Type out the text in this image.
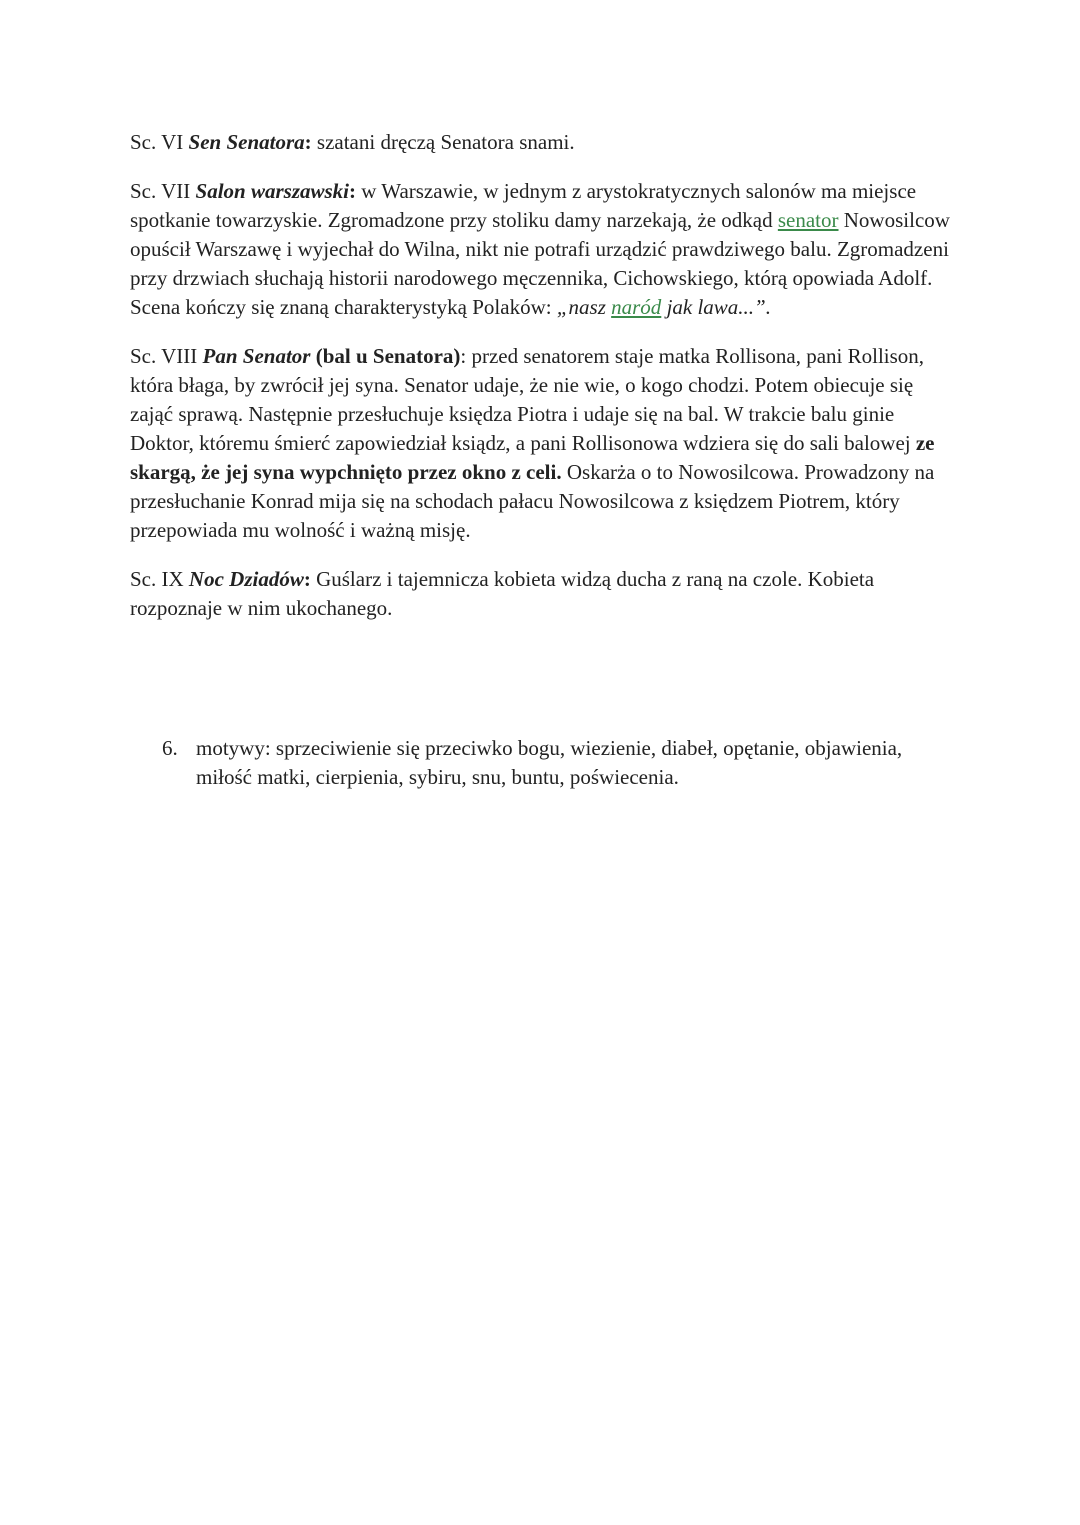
Sc. VI Sen Senatora: szatani dręczą Senatora snami.

Sc. VII Salon warszawski: w Warszawie, w jednym z arystokratycznych salonów ma miejsce spotkanie towarzyskie. Zgromadzone przy stoliku damy narzekają, że odkąd senator Nowosilcow opuścił Warszawę i wyjechał do Wilna, nikt nie potrafi urządzić prawdziwego balu. Zgromadzeni przy drzwiach słuchają historii narodowego męczennika, Cichowskiego, którą opowiada Adolf. Scena kończy się znaną charakterystyką Polaków: „nasz naród jak lawa...”.

Sc. VIII Pan Senator (bal u Senatora): przed senatorem staje matka Rollisona, pani Rollison, która błaga, by zwrócił jej syna. Senator udaje, że nie wie, o kogo chodzi. Potem obiecuje się zająć sprawą. Następnie przesłuchuje księdza Piotra i udaje się na bal. W trakcie balu ginie Doktor, któremu śmierć zapowiedział ksiądz, a pani Rollisonowa wdziera się do sali balowej ze skargą, że jej syna wypchnięto przez okno z celi. Oskarża o to Nowosilcowa. Prowadzony na przesłuchanie Konrad mija się na schodach pałacu Nowosilcowa z księdzem Piotrem, który przepowiada mu wolność i ważną misję.

Sc. IX Noc Dziadów: Guślarz i tajemnicza kobieta widzą ducha z raną na czole. Kobieta rozpoznaje w nim ukochanego.

6. motywy: sprzeciwienie się przeciwko bogu, wiezienie, diabeł, opętanie, objawienia, miłość matki, cierpienia, sybiru, snu, buntu, poświecenia.
